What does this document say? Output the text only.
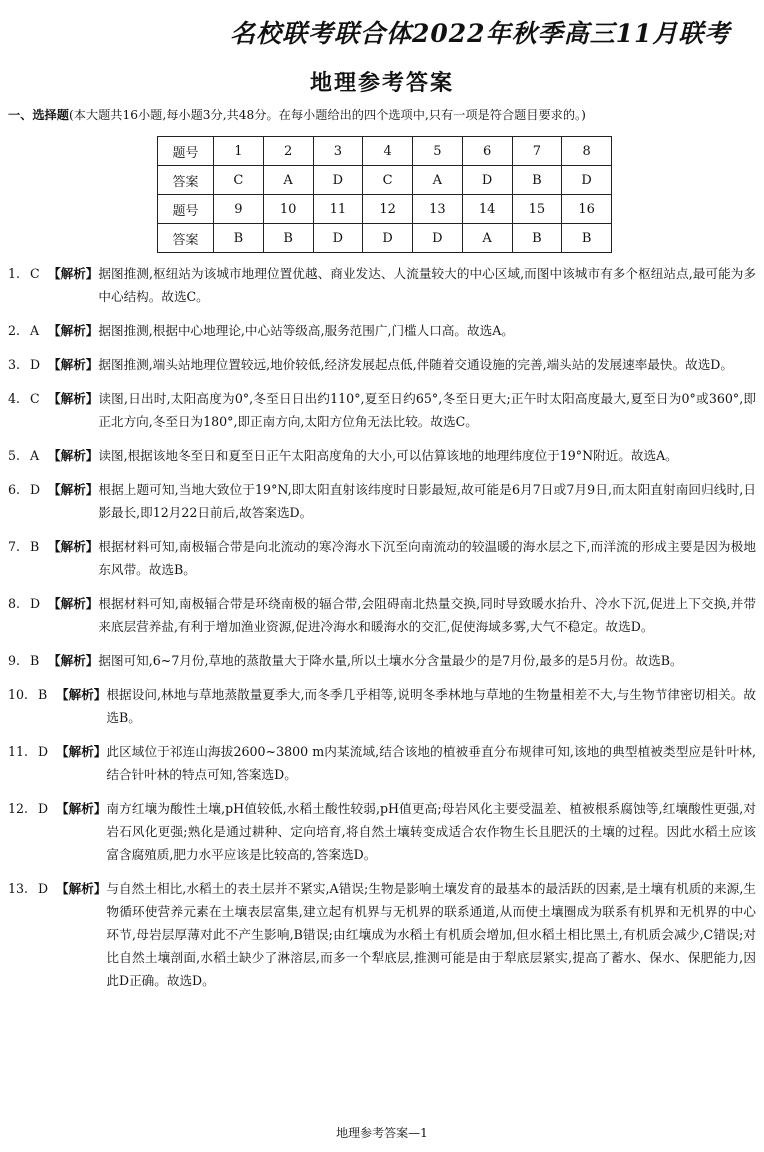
名校联考联合体2022年秋季高三11月联考
地理参考答案
一、选择题(本大题共16小题,每小题3分,共48分。在每小题给出的四个选项中,只有一项是符合题目要求的。)
题号	1	2	3	4	5	6	7	8
答案	C	A	D	C	A	D	B	D
题号	9	10	11	12	13	14	15	16
答案	B	B	D	D	D	A	B	B
1. C 【解析】 据图推测,枢纽站为该城市地理位置优越、商业发达、人流量较大的中心区域,而图中该城市有多个枢纽站点,最可能为多中心结构。故选C。
2. A 【解析】 据图推测,根据中心地理论,中心站等级高,服务范围广,门槛人口高。故选A。
3. D 【解析】 据图推测,端头站地理位置较远,地价较低,经济发展起点低,伴随着交通设施的完善,端头站的发展速率最快。故选D。
4. C 【解析】 读图,日出时,太阳高度为0°,冬至日日出约110°,夏至日约65°,冬至日更大;正午时太阳高度最大,夏至日为0°或360°,即正北方向,冬至日为180°,即正南方向,太阳方位角无法比较。故选C。
5. A 【解析】 读图,根据该地冬至日和夏至日正午太阳高度角的大小,可以估算该地的地理纬度位于19°N附近。故选A。
6. D 【解析】 根据上题可知,当地大致位于19°N,即太阳直射该纬度时日影最短,故可能是6月7日或7月9日,而太阳直射南回归线时,日影最长,即12月22日前后,故答案选D。
7. B 【解析】 根据材料可知,南极辐合带是向北流动的寒冷海水下沉至向南流动的较温暖的海水层之下,而洋流的形成主要是因为极地东风带。故选B。
8. D 【解析】 根据材料可知,南极辐合带是环绕南极的辐合带,会阻碍南北热量交换,同时导致暖水抬升、冷水下沉,促进上下交换,并带来底层营养盐,有利于增加渔业资源,促进冷海水和暖海水的交汇,促使海域多雾,大气不稳定。故选D。
9. B 【解析】 据图可知,6~7月份,草地的蒸散量大于降水量,所以土壤水分含量最少的是7月份,最多的是5月份。故选B。
10. B 【解析】 根据设问,林地与草地蒸散量夏季大,而冬季几乎相等,说明冬季林地与草地的生物量相差不大,与生物节律密切相关。故选B。
11. D 【解析】 此区域位于祁连山海拔2600~3800 m内某流域,结合该地的植被垂直分布规律可知,该地的典型植被类型应是针叶林,结合针叶林的特点可知,答案选D。
12. D 【解析】 南方红壤为酸性土壤,pH值较低,水稻土酸性较弱,pH值更高;母岩风化主要受温差、植被根系腐蚀等,红壤酸性更强,对岩石风化更强;熟化是通过耕种、定向培育,将自然土壤转变成适合农作物生长且肥沃的土壤的过程。因此水稻土应该富含腐殖质,肥力水平应该是比较高的,答案选D。
13. D 【解析】 与自然土相比,水稻土的表土层并不紧实,A错误;生物是影响土壤发育的最基本的最活跃的因素,是土壤有机质的来源,生物循环使营养元素在土壤表层富集,建立起有机界与无机界的联系通道,从而使土壤圈成为联系有机界和无机界的中心环节,母岩层厚薄对此不产生影响,B错误;由红壤成为水稻土有机质会增加,但水稻土相比黑土,有机质会减少,C错误;对比自然土壤剖面,水稻土缺少了淋溶层,而多一个犁底层,推测可能是由于犁底层紧实,提高了蓄水、保水、保肥能力,因此D正确。故选D。
地理参考答案—1
